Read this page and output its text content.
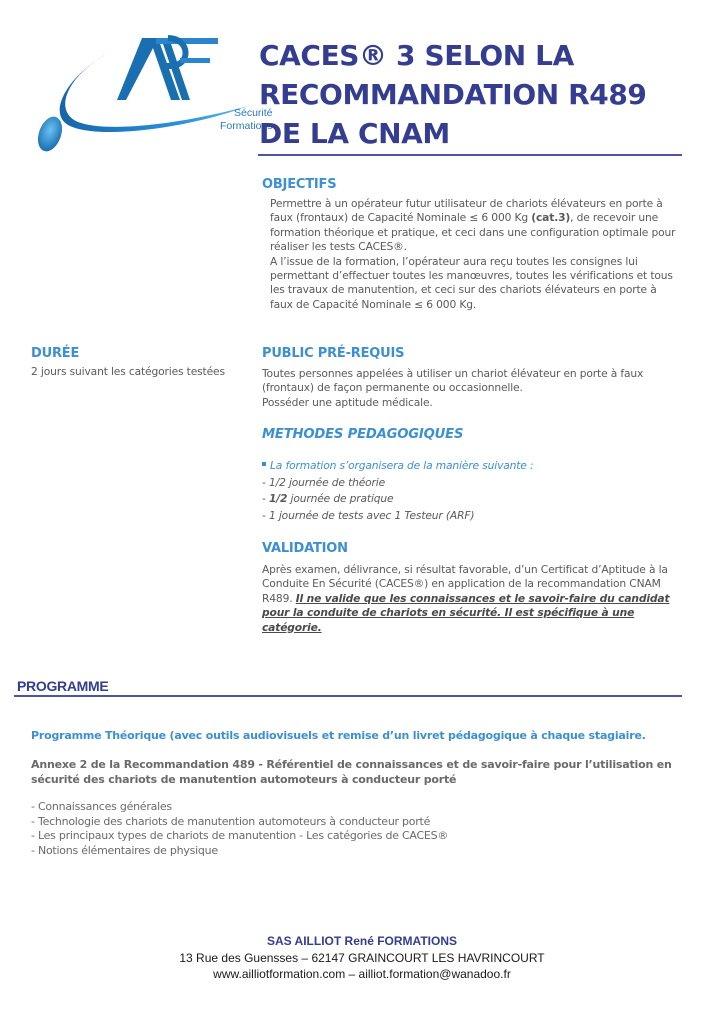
Sécurité
Formations
CACES® 3 SELON LA
RECOMMANDATION R489
DE LA CNAM
OBJECTIFS
Permettre à un opérateur futur utilisateur de chariots élévateurs en porte à faux (frontaux) de Capacité Nominale ≤ 6 000 Kg (cat.3), de recevoir une formation théorique et pratique, et ceci dans une configuration optimale pour réaliser les tests CACES®.
A l’issue de la formation, l’opérateur aura reçu toutes les consignes lui permettant d’effectuer toutes les manœuvres, toutes les vérifications et tous les travaux de manutention, et ceci sur des chariots élévateurs en porte à faux de Capacité Nominale ≤ 6 000 Kg.
DURÉE
2 jours suivant les catégories testées
PUBLIC PRÉ-REQUIS
Toutes personnes appelées à utiliser un chariot élévateur en porte à faux (frontaux) de façon permanente ou occasionnelle.
Posséder une aptitude médicale.
METHODES PEDAGOGIQUES
La formation s’organisera de la manière suivante :
- 1/2 journée de théorie
- 1/2 journée de pratique
- 1 journée de tests avec 1 Testeur (ARF)
VALIDATION
Après examen, délivrance, si résultat favorable, d’un Certificat d’Aptitude à la Conduite En Sécurité (CACES®) en application de la recommandation CNAM R489. Il ne valide que les connaissances et le savoir-faire du candidat pour la conduite de chariots en sécurité. Il est spécifique à une catégorie.
PROGRAMME
Programme Théorique (avec outils audiovisuels et remise d’un livret pédagogique à chaque stagiaire.
Annexe 2 de la Recommandation 489 - Référentiel de connaissances et de savoir-faire pour l’utilisation en sécurité des chariots de manutention automoteurs à conducteur porté
- Connaissances générales
- Technologie des chariots de manutention automoteurs à conducteur porté
- Les principaux types de chariots de manutention - Les catégories de CACES®
- Notions élémentaires de physique
SAS AILLIOT René FORMATIONS
13 Rue des Guensses – 62147 GRAINCOURT LES HAVRINCOURT
www.ailliotformation.com – ailliot.formation@wanadoo.fr
